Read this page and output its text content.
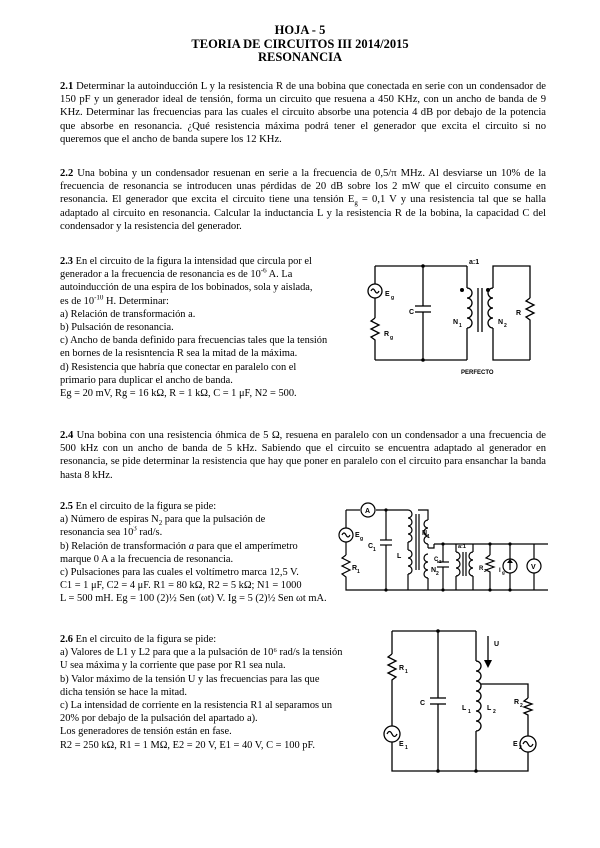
HOJA - 5
TEORIA DE CIRCUITOS III 2014/2015
RESONANCIA

2.1 Determinar la autoinducción L y la resistencia R de una bobina que conectada en serie con un condensador de 150 pF y un generador ideal de tensión, forma un circuito que resuena a 450 KHz, con un ancho de banda de 9 KHz. Determinar las frecuencias para las cuales el circuito absorbe una potencia 4 dB por debajo de la potencia que absorbe en resonancia. ¿Qué resistencia máxima podrá tener el generador que excita el circuito si no queremos que el ancho de banda supere los 12 KHz.

2.2 Una bobina y un condensador resuenan en serie a la frecuencia de 0,5/π MHz. Al desviarse un 10% de la frecuencia de resonancia se introducen unas pérdidas de 20 dB sobre los 2 mW que el circuito consume en resonancia. El generador que excita el circuito tiene una tensión $E_g = 0,1$ V y una resistencia tal que se halla adaptado al circuito en resonancia. Calcular la inductancia L y la resistencia R de la bobina, la capacidad C del condensador y la resistencia del generador.

2.3 En el circuito de la figura la intensidad que circula por el
generador a la frecuencia de resonancia es de $10^{-6}$ A. La
autoinducción de una espira de los bobinados, sola y aislada,
es de $10^{-10}$ H. Determinar:
a) Relación de transformación a.
b) Pulsación de resonancia.
c) Ancho de banda definido para frecuencias tales que la tensión
en bornes de la resisntencia R sea la mitad de la máxima.
d) Resistencia que habría que conectar en paralelo con el
primario para duplicar el ancho de banda.
Eg = 20 mV, Rg = 16 kΩ, R = 1 kΩ, C = 1 μF, N2 = 500.
a:1
E g
R g
C
N 1	N 2
R
PERFECTO

2.4 Una bobina con una resistencia óhmica de 5 Ω, resuena en paralelo con un condensador a una frecuencia de 500 kHz con un ancho de banda de 5 kHz. Sabiendo que el circuito se encuentra adaptado al generador en resonancia, se pide determinar la resistencia que hay que poner en paralelo con el circuito para ensanchar la banda hasta 8 kHz.

2.5 En el circuito de la figura se pide:
a) Número de espiras $N_2$ para que la pulsación de
resonancia sea $10^3$ rad/s.
b) Relación de transformación a para que el amperímetro
marque 0 A a la frecuencia de resonancia.
c) Pulsaciones para las cuales el voltímetro marca 12,5 V.
C1 = 1 μF, C2 = 4 μF. R1 = 80 kΩ, R2 = 5 kΩ; N1 = 1000
L = 500 mH. Eg = 100 (2)½ Sen (ωt) V. Ig = 5 (2)½ Sen ωt mA.
A
V
E g
C 1
R 1
L
N 1
N 2
C 2
a:1
R 2 I g
2.6 En el circuito de la figura se pide:
a) Valores de L1 y L2 para que a la pulsación de 10⁶ rad/s la tensión
U sea máxima y la corriente que pase por R1 sea nula.
b) Valor máximo de la tensión U y las frecuencias para las que
dicha tensión se hace la mitad.
c) La intensidad de corriente en la resistencia R1 al separamos un
20% por debajo de la pulsación del apartado a).
Los generadores de tensión están en fase.
R2 = 250 kΩ, R1 = 1 MΩ, E2 = 20 V, E1 = 40 V, C = 100 pF.
U
R 1
C
L 1 L 2
R 2
E 1	E 2
